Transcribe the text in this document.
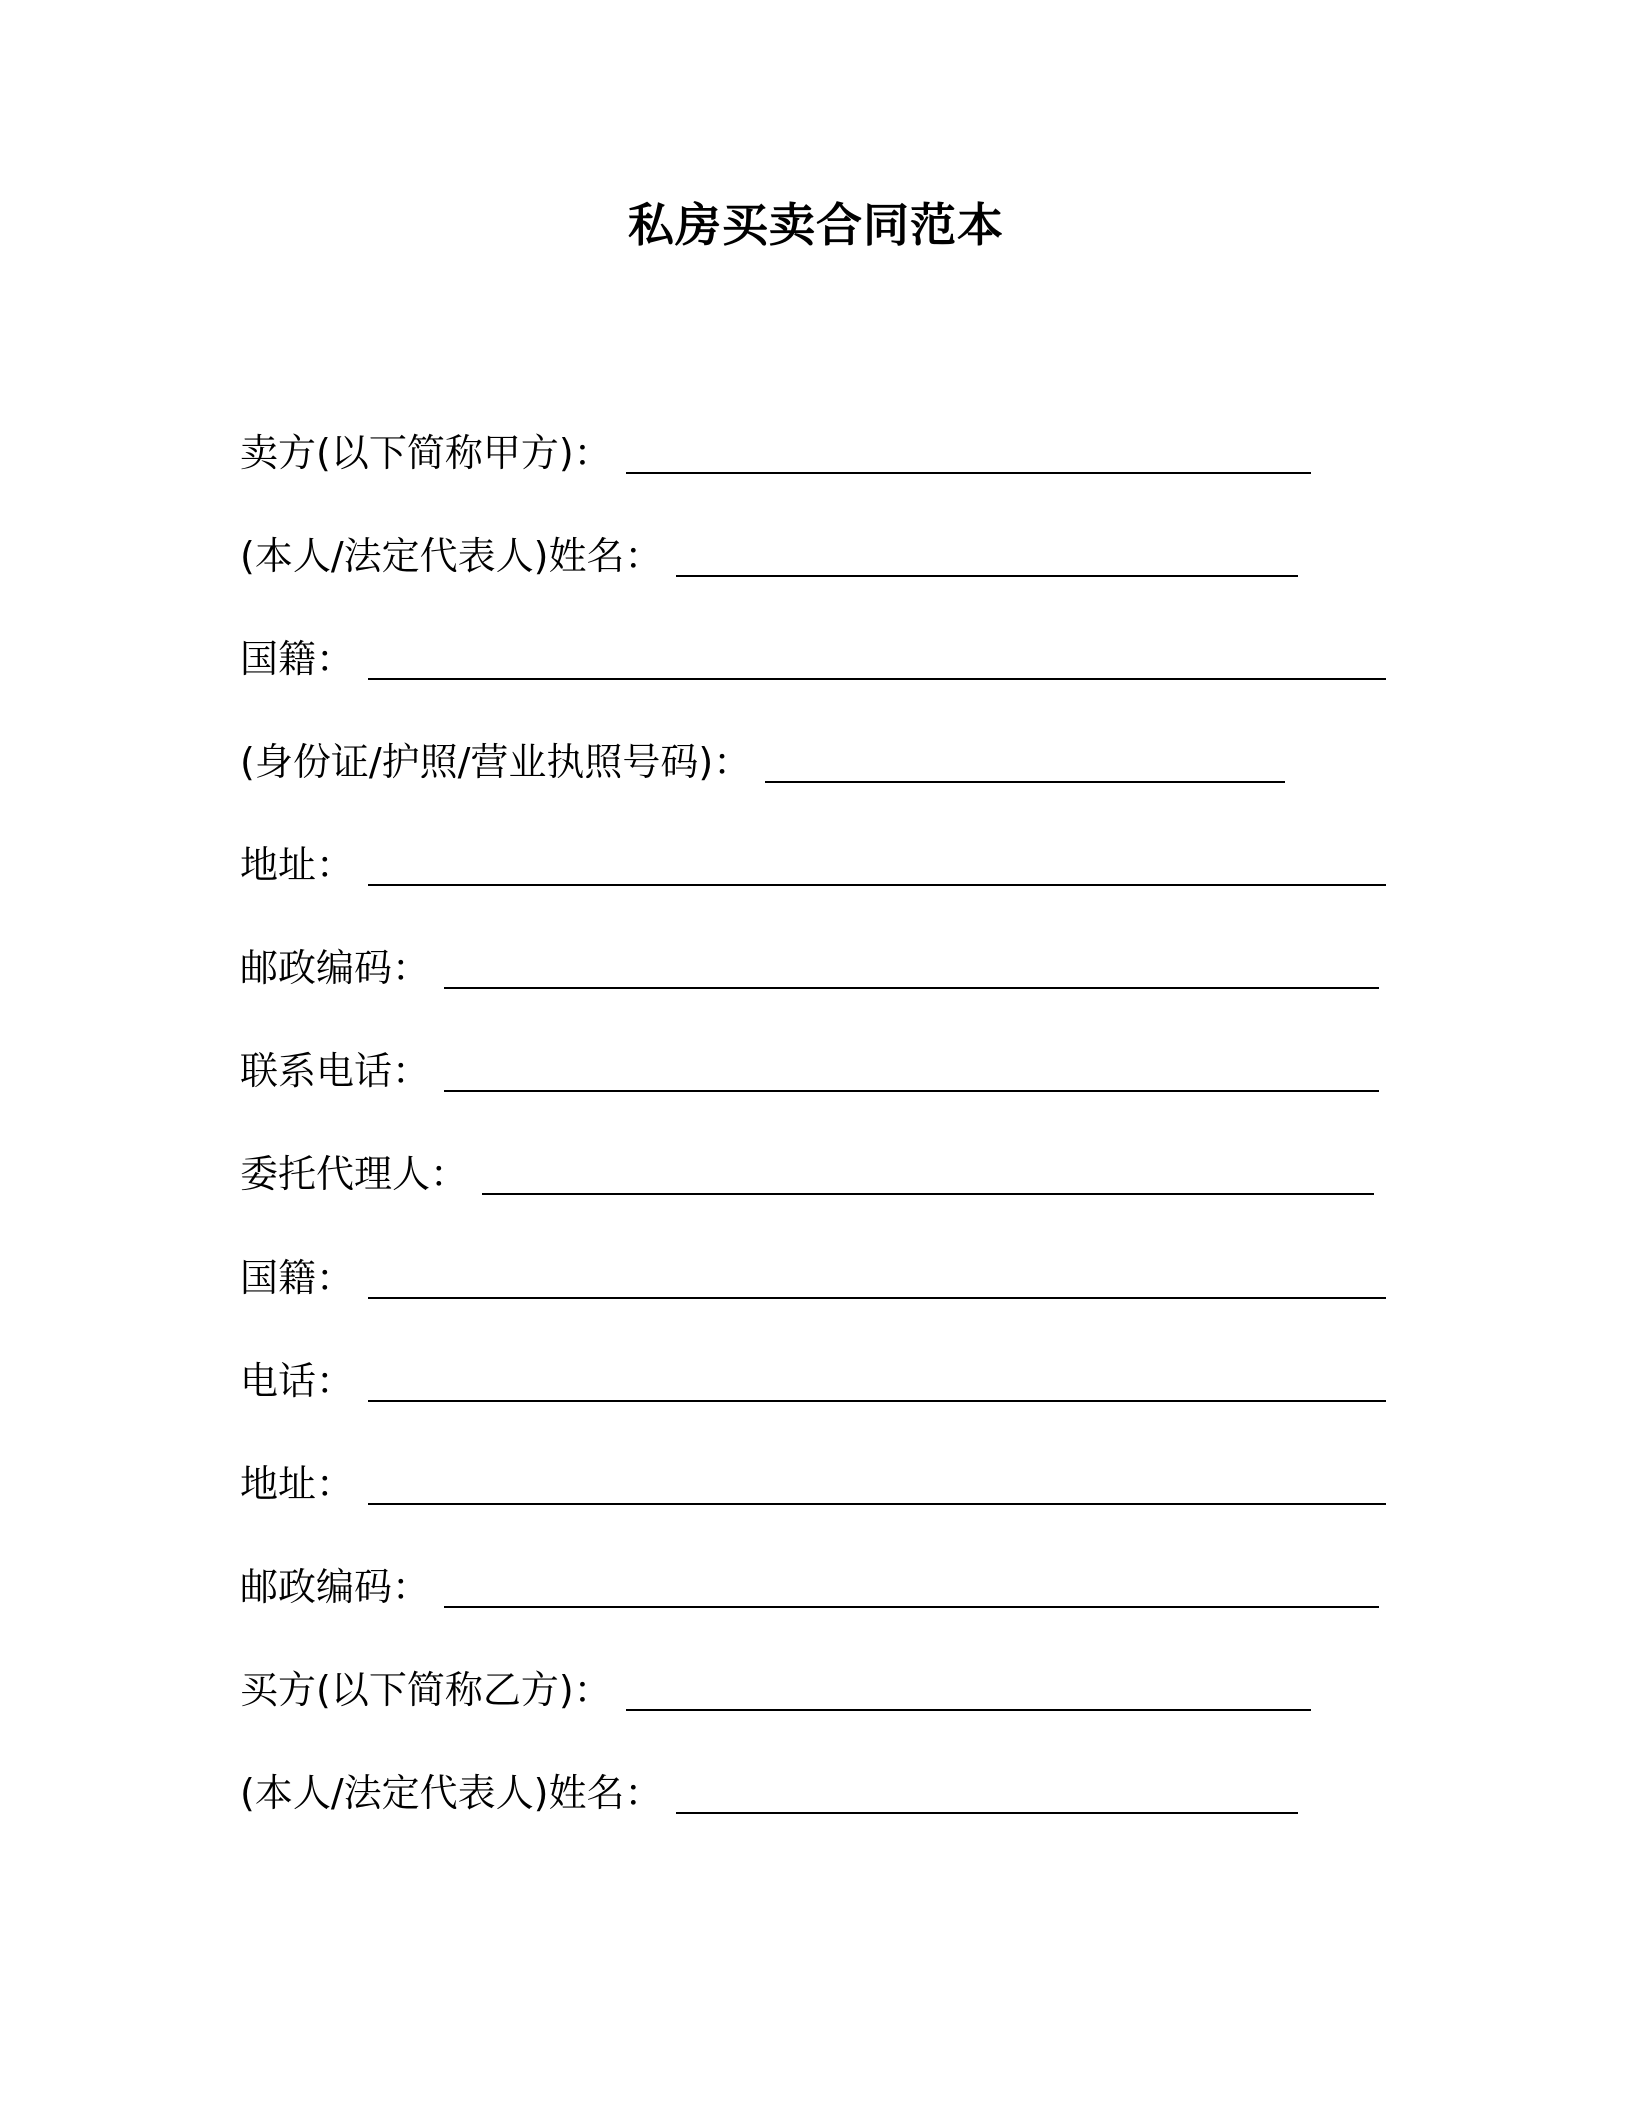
私房买卖合同范本
卖方(以下简称甲方)：
(本人/法定代表人)姓名：
国籍：
(身份证/护照/营业执照号码)：
地址：
邮政编码：
联系电话：
委托代理人：
国籍：
电话：
地址：
邮政编码：
买方(以下简称乙方)：
(本人/法定代表人)姓名：
